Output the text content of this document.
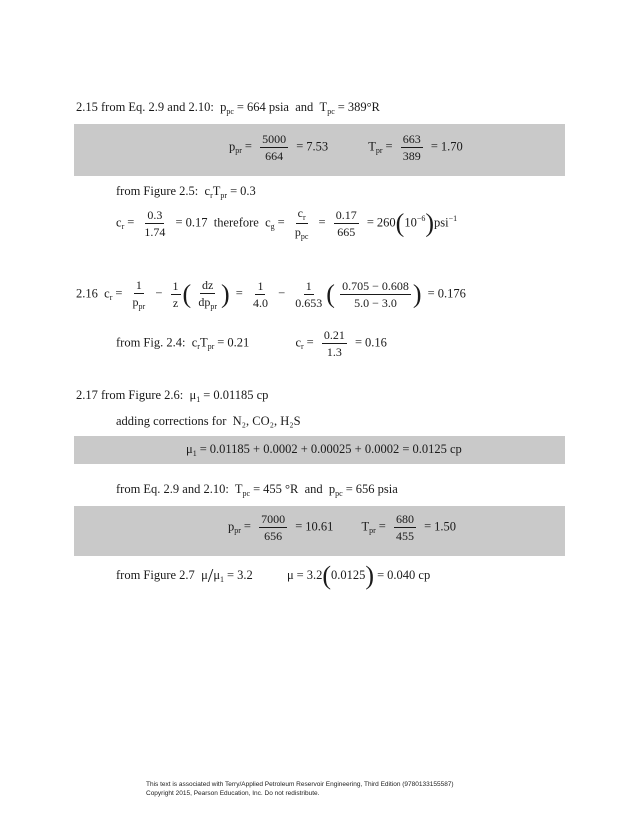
2.15 from Eq. 2.9 and 2.10:  $p_{pc} = 664$ psia and  $T_{pc} = 389^\circ R$
$p_{pr} = \frac{5000}{664} = 7.53$	$T_{pr} = \frac{663}{389} = 1.70$
from Figure 2.5:  $c_rT_{pr} = 0.3$
$c_r = \frac{0.3}{1.74} = 0.17$ therefore  $c_g = \frac{c_r}{p_{pc}} = \frac{0.17}{665} = 260(10^{-6})psi^{-1}$
2.16  $c_r = \frac{1}{p_{pr}} - \frac{1}{z}$ ( $\frac{dz}{dp_{pr}}$ ) = $\frac{1}{4.0} - \frac{1}{0.653}$ ( $\frac{0.705 - 0.608}{5.0 - 3.0}$ ) = 0.176
from Fig. 2.4:  $c_rT_{pr} = 0.21$	$c_r = \frac{0.21}{1.3} = 0.16$
2.17 from Figure 2.6:  $\mu_1 = 0.01185$ cp
adding corrections for N₂, CO₂, H₂S
$\mu_1 = 0.01185 + 0.0002 + 0.00025 + 0.0002 = 0.0125$ cp
from Eq. 2.9 and 2.10:  $T_{pc} = 455$ °R and  $p_{pc} = 656$ psia
$p_{pr} = \frac{7000}{656} = 10.61$  $T_{pr} = \frac{680}{455} = 1.50$
from Figure 2.7  $\mu/\mu_1 = 3.2$  μ = 3.2(0.0125) = 0.040 cp
This text is associated with Terry/Applied Petroleum Reservoir Engineering, Third Edition (9780133155587)
Copyright 2015, Pearson Education, Inc. Do not redistribute.
